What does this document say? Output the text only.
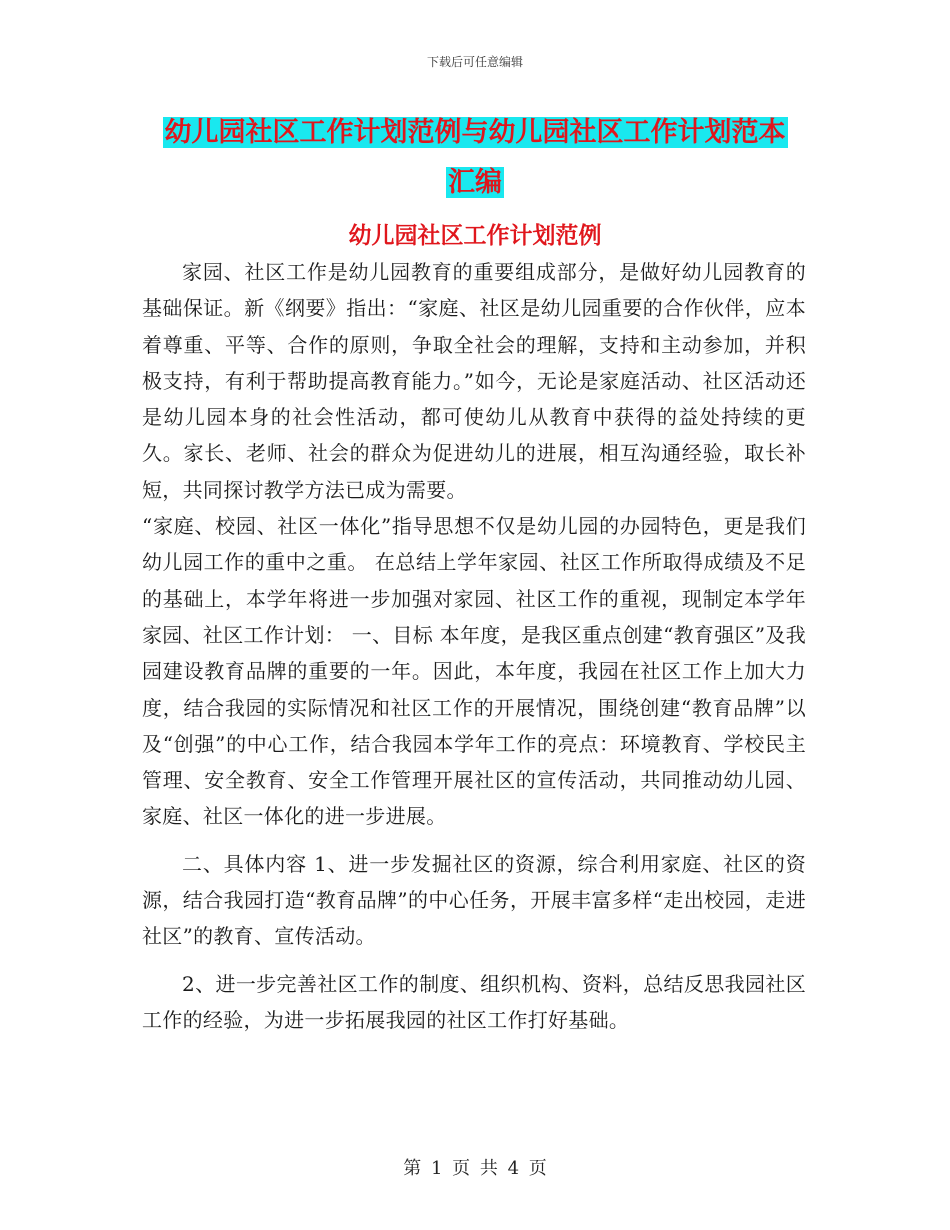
下载后可任意编辑
幼儿园社区工作计划范例与幼儿园社区工作计划范本
汇编
幼儿园社区工作计划范例

家园、社区工作是幼儿园教育的重要组成部分，是做好幼儿园教育的基础保证。新《纲要》指出：“家庭、社区是幼儿园重要的合作伙伴，应本着尊重、平等、合作的原则，争取全社会的理解，支持和主动参加，并积极支持，有利于帮助提高教育能力。”如今，无论是家庭活动、社区活动还是幼儿园本身的社会性活动，都可使幼儿从教育中获得的益处持续的更久。家长、老师、社会的群众为促进幼儿的进展，相互沟通经验，取长补短，共同探讨教学方法已成为需要。

“家庭、校园、社区一体化”指导思想不仅是幼儿园的办园特色，更是我们幼儿园工作的重中之重。 在总结上学年家园、社区工作所取得成绩及不足的基础上，本学年将进一步加强对家园、社区工作的重视，现制定本学年家园、社区工作计划： 一、目标 本年度，是我区重点创建“教育强区”及我园建设教育品牌的重要的一年。因此，本年度，我园在社区工作上加大力度，结合我园的实际情况和社区工作的开展情况，围绕创建“教育品牌”以及“创强”的中心工作，结合我园本学年工作的亮点：环境教育、学校民主管理、安全教育、安全工作管理开展社区的宣传活动，共同推动幼儿园、家庭、社区一体化的进一步进展。

二、具体内容 1、进一步发掘社区的资源，综合利用家庭、社区的资源，结合我园打造“教育品牌”的中心任务，开展丰富多样“走出校园，走进社区”的教育、宣传活动。

2、进一步完善社区工作的制度、组织机构、资料，总结反思我园社区工作的经验，为进一步拓展我园的社区工作打好基础。

第 1 页 共 4 页
